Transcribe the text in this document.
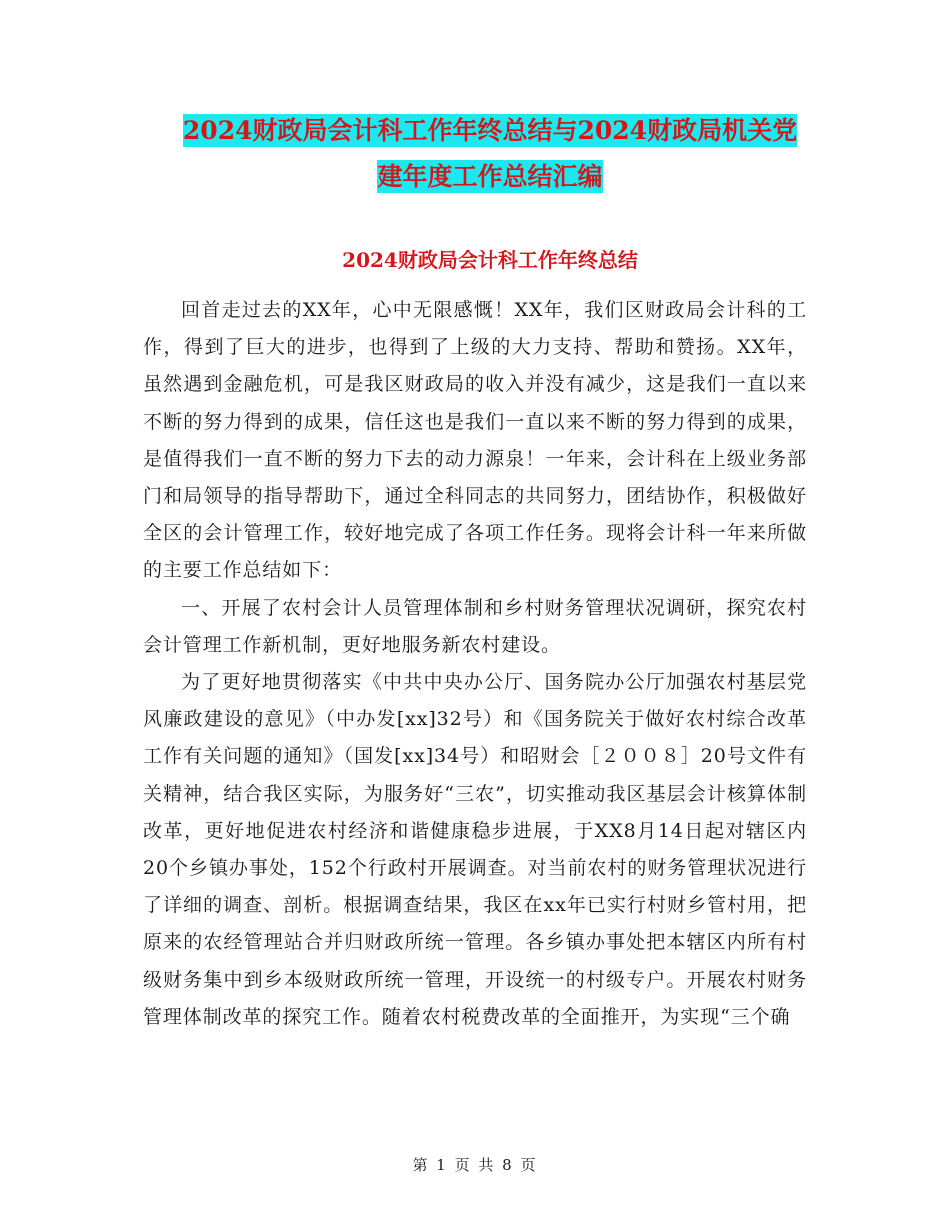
2024财政局会计科工作年终总结与2024财政局机关党
建年度工作总结汇编
2024财政局会计科工作年终总结

回首走过去的XX年，心中无限感慨！XX年，我们区财政局会计科的工作，得到了巨大的进步，也得到了上级的大力支持、帮助和赞扬。XX年，虽然遇到金融危机，可是我区财政局的收入并没有减少，这是我们一直以来不断的努力得到的成果，信任这也是我们一直以来不断的努力得到的成果，是值得我们一直不断的努力下去的动力源泉！一年来，会计科在上级业务部门和局领导的指导帮助下，通过全科同志的共同努力，团结协作，积极做好全区的会计管理工作，较好地完成了各项工作任务。现将会计科一年来所做的主要工作总结如下：

一、开展了农村会计人员管理体制和乡村财务管理状况调研，探究农村会计管理工作新机制，更好地服务新农村建设。

为了更好地贯彻落实《中共中央办公厅、国务院办公厅加强农村基层党风廉政建设的意见》（中办发[xx]32号）和《国务院关于做好农村综合改革工作有关问题的通知》（国发[xx]34号）和昭财会［２００８］20号文件有关精神，结合我区实际，为服务好“三农”，切实推动我区基层会计核算体制改革，更好地促进农村经济和谐健康稳步进展，于XX8月14日起对辖区内20个乡镇办事处，152个行政村开展调查。对当前农村的财务管理状况进行了详细的调查、剖析。根据调查结果，我区在xx年已实行村财乡管村用，把原来的农经管理站合并归财政所统一管理。各乡镇办事处把本辖区内所有村级财务集中到乡本级财政所统一管理，开设统一的村级专户。开展农村财务管理体制改革的探究工作。随着农村税费改革的全面推开，为实现“三个确

第 1 页 共 8 页
